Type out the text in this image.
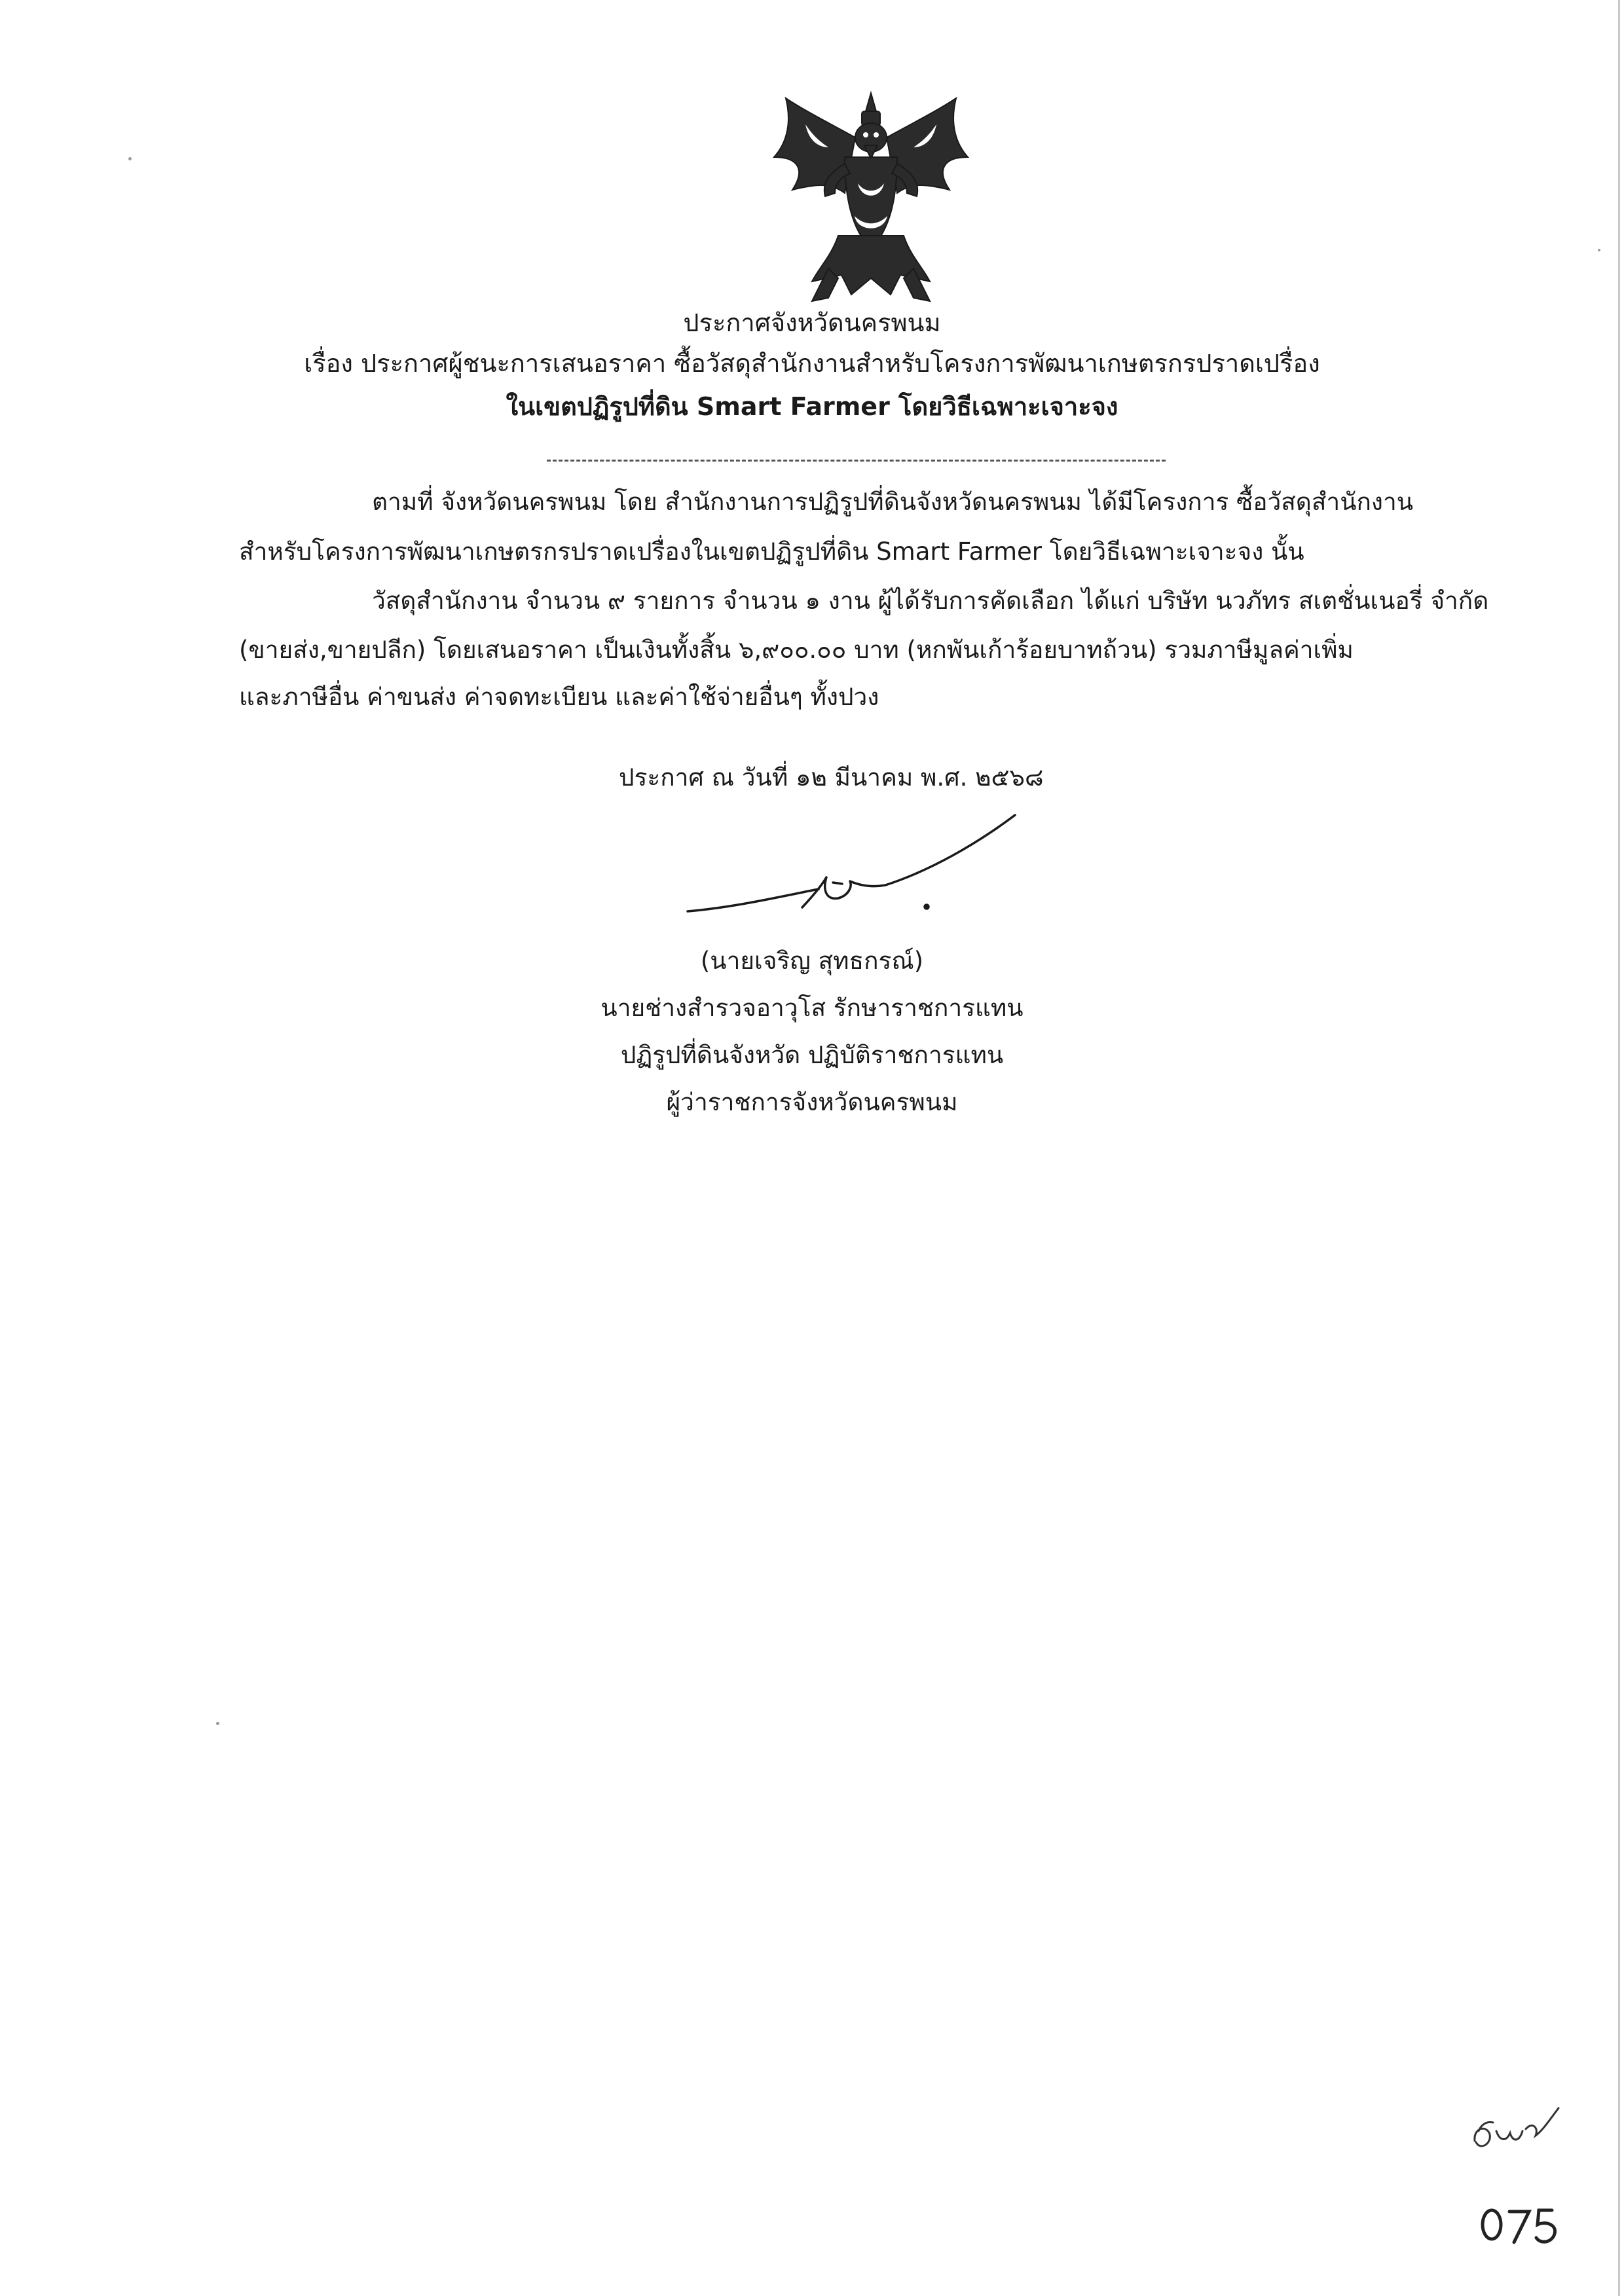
ประกาศจังหวัดนครพนม
เรื่อง ประกาศผู้ชนะการเสนอราคา ซื้อวัสดุสำนักงานสำหรับโครงการพัฒนาเกษตรกรปราดเปรื่อง
ในเขตปฏิรูปที่ดิน Smart Farmer โดยวิธีเฉพาะเจาะจง
ตามที่ จังหวัดนครพนม โดย สำนักงานการปฏิรูปที่ดินจังหวัดนครพนม ได้มีโครงการ ซื้อวัสดุสำนักงาน
สำหรับโครงการพัฒนาเกษตรกรปราดเปรื่องในเขตปฏิรูปที่ดิน Smart Farmer โดยวิธีเฉพาะเจาะจง นั้น
วัสดุสำนักงาน จำนวน ๙ รายการ จำนวน ๑ งาน ผู้ได้รับการคัดเลือก ได้แก่ บริษัท นวภัทร สเตชั่นเนอรี่ จำกัด
(ขายส่ง,ขายปลีก) โดยเสนอราคา เป็นเงินทั้งสิ้น ๖,๙๐๐.๐๐ บาท (หกพันเก้าร้อยบาทถ้วน) รวมภาษีมูลค่าเพิ่ม
และภาษีอื่น ค่าขนส่ง ค่าจดทะเบียน และค่าใช้จ่ายอื่นๆ ทั้งปวง
ประกาศ ณ วันที่ ๑๒ มีนาคม พ.ศ. ๒๕๖๘
(นายเจริญ สุทธกรณ์)
นายช่างสำรวจอาวุโส รักษาราชการแทน
ปฏิรูปที่ดินจังหวัด ปฏิบัติราชการแทน
ผู้ว่าราชการจังหวัดนครพนม
